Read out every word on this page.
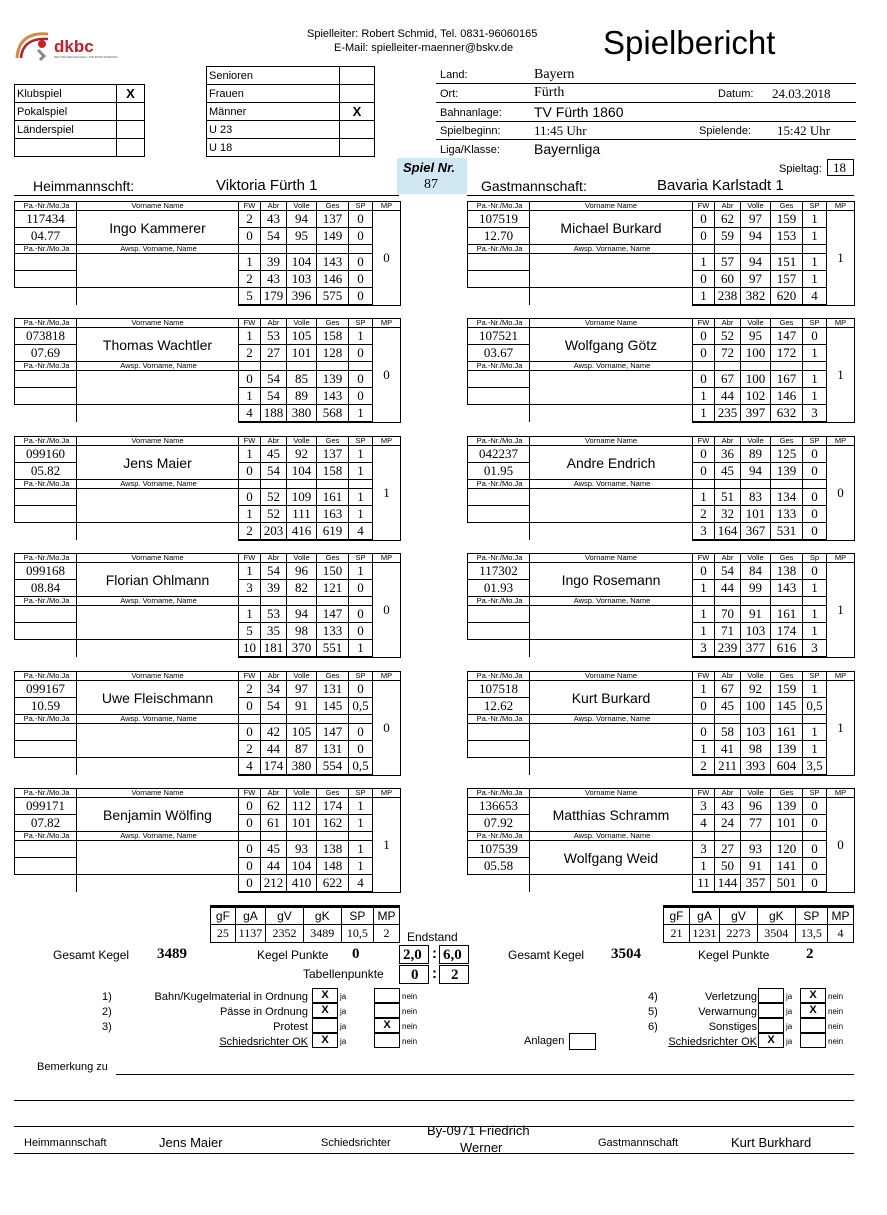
dkbc
DEUTSCHER KEGLER- UND BOWLINGBUND
Spielleiter: Robert Schmid, Tel. 0831-96060165
E-Mail: spielleiter-maenner@bskv.de	Spielbericht
Klubspiel	X
Pokalspiel	
Länderspiel	

Senioren	
Frauen	
Männer	X
U 23	
U 18	
Land:	Bayern
Ort:	Fürth	Datum: 24.03.2018
Bahnanlage: TV Fürth 1860
Spielbeginn:	11:45 Uhr	Spielende: 15:42 Uhr
Liga/Klasse: Bayernliga
Spiel Nr.
87
Spieltag: 18
Heimmannschft:	Viktoria Fürth 1	Gastmannschaft:	Bavaria Karlstadt 1
Pa.-Nr./Mo.Ja	Vorname Name	FW	Abr	Volle	Ges	SP	MP
117434	Ingo Kammerer	2	43	94	137	0	0
04.77		0	54	95	149	0	
Pa.-Nr./Mo.Ja	Awsp. Vorname, Name						
		1	39	104	143	0	
		2	43	103	146	0	
		5	179	396	575	0	
Pa.-Nr./Mo.Ja	Vorname Name	FW	Abr	Volle	Ges	SP	MP
107519	Michael Burkard	0	62	97	159	1	1
12.70		0	59	94	153	1	
Pa.-Nr./Mo.Ja	Awsp. Vorname, Name						
		1	57	94	151	1	
		0	60	97	157	1	
		1	238	382	620	4	
Pa.-Nr./Mo.Ja	Vorname Name	FW	Abr	Volle	Ges	SP	MP
073818	Thomas Wachtler	1	53	105	158	1	0
07.69		2	27	101	128	0	
Pa.-Nr./Mo.Ja	Awsp. Vorname, Name						
		0	54	85	139	0	
		1	54	89	143	0	
		4	188	380	568	1	
Pa.-Nr./Mo.Ja	Vorname Name	FW	Abr	Volle	Ges	SP	MP
107521	Wolfgang Götz	0	52	95	147	0	1
03.67		0	72	100	172	1	
Pa.-Nr./Mo.Ja	Awsp. Vorname, Name						
		0	67	100	167	1	
		1	44	102	146	1	
		1	235	397	632	3	
Pa.-Nr./Mo.Ja	Vorname Name	FW	Abr	Volle	Ges	SP	MP
099160	Jens Maier	1	45	92	137	1	1
05.82		0	54	104	158	1	
Pa.-Nr./Mo.Ja	Awsp. Vorname, Name						
		0	52	109	161	1	
		1	52	111	163	1	
		2	203	416	619	4	
Pa.-Nr./Mo.Ja	Vorname Name	FW	Abr	Volle	Ges	SP	MP
042237	Andre Endrich	0	36	89	125	0	0
01.95		0	45	94	139	0	
Pa.-Nr./Mo.Ja	Awsp. Vorname, Name						
		1	51	83	134	0	
		2	32	101	133	0	
		3	164	367	531	0	
Pa.-Nr./Mo.Ja	Vorname Name	FW	Abr	Volle	Ges	SP	MP
099168	Florian Ohlmann	1	54	96	150	1	0
08.84		3	39	82	121	0	
Pa.-Nr./Mo.Ja	Awsp. Vorname, Name						
		1	53	94	147	0	
		5	35	98	133	0	
		10	181	370	551	1	
Pa.-Nr./Mo.Ja	Vorname Name	FW	Abr	Volle	Ges	Sp	MP
117302	Ingo Rosemann	0	54	84	138	0	1
01.93		1	44	99	143	1	
Pa.-Nr./Mo.Ja	Awsp. Vorname, Name						
		1	70	91	161	1	
		1	71	103	174	1	
		3	239	377	616	3	
Pa.-Nr./Mo.Ja	Vorname Name	FW	Abr	Volle	Ges	SP	MP
099167	Uwe Fleischmann	2	34	97	131	0	0
10.59		0	54	91	145	0,5	
Pa.-Nr./Mo.Ja	Awsp. Vorname, Name						
		0	42	105	147	0	
		2	44	87	131	0	
		4	174	380	554	0,5	
Pa.-Nr./Mo.Ja	Vorname Name	FW	Abr	Volle	Ges	SP	MP
107518	Kurt Burkard	1	67	92	159	1	1
12.62		0	45	100	145	0,5	
Pa.-Nr./Mo.Ja	Awsp. Vorname, Name						
		0	58	103	161	1	
		1	41	98	139	1	
		2	211	393	604	3,5	
Pa.-Nr./Mo.Ja	Vorname Name	FW	Abr	Volle	Ges	SP	MP
099171	Benjamin Wölfing	0	62	112	174	1	1
07.82		0	61	101	162	1	
Pa.-Nr./Mo.Ja	Awsp. Vorname, Name						
		0	45	93	138	1	
		0	44	104	148	1	
		0	212	410	622	4	
Pa.-Nr./Mo.Ja	Vorname Name	FW	Abr	Volle	Ges	SP	MP
136653	Matthias Schramm	3	43	96	139	0	0
07.92		4	24	77	101	0	
Pa.-Nr./Mo.Ja	Awsp. Vorname, Name						
107539	Wolfgang Weid	3	27	93	120	0	
05.58		1	50	91	141	0	
		11	144	357	501	0	
gF	gA	gV	gK	SP	MP
25	1137	2352	3489	10,5	2
gF	gA	gV	gK	SP	MP
21	1231	2273	3504	13,5	4
Endstand
Gesamt Kegel 3489	Kegel Punkte 0	2,0 : 6,0
Tabellenpunkte 0 : 2
Gesamt Kegel 3504	Kegel Punkte 2
1)	Bahn/Kugelmaterial in Ordnung	X	ja	nein
2)	Pässe in Ordnung	X	ja	nein
3)	Protest	ja	X	nein
Schiedsrichter OK	X	ja	nein
4)	Verletzung	ja	X	nein
5)	Verwarnung	ja	X	nein
6)	Sonstiges	ja	nein
Schiedsrichter OK X	ja	nein
Anlagen
Bemerkung zu
Heimmannschaft	Jens Maier	Schiedsrichter
By-0971 Friedrich
Werner	Gastmannschaft	Kurt Burkhard
